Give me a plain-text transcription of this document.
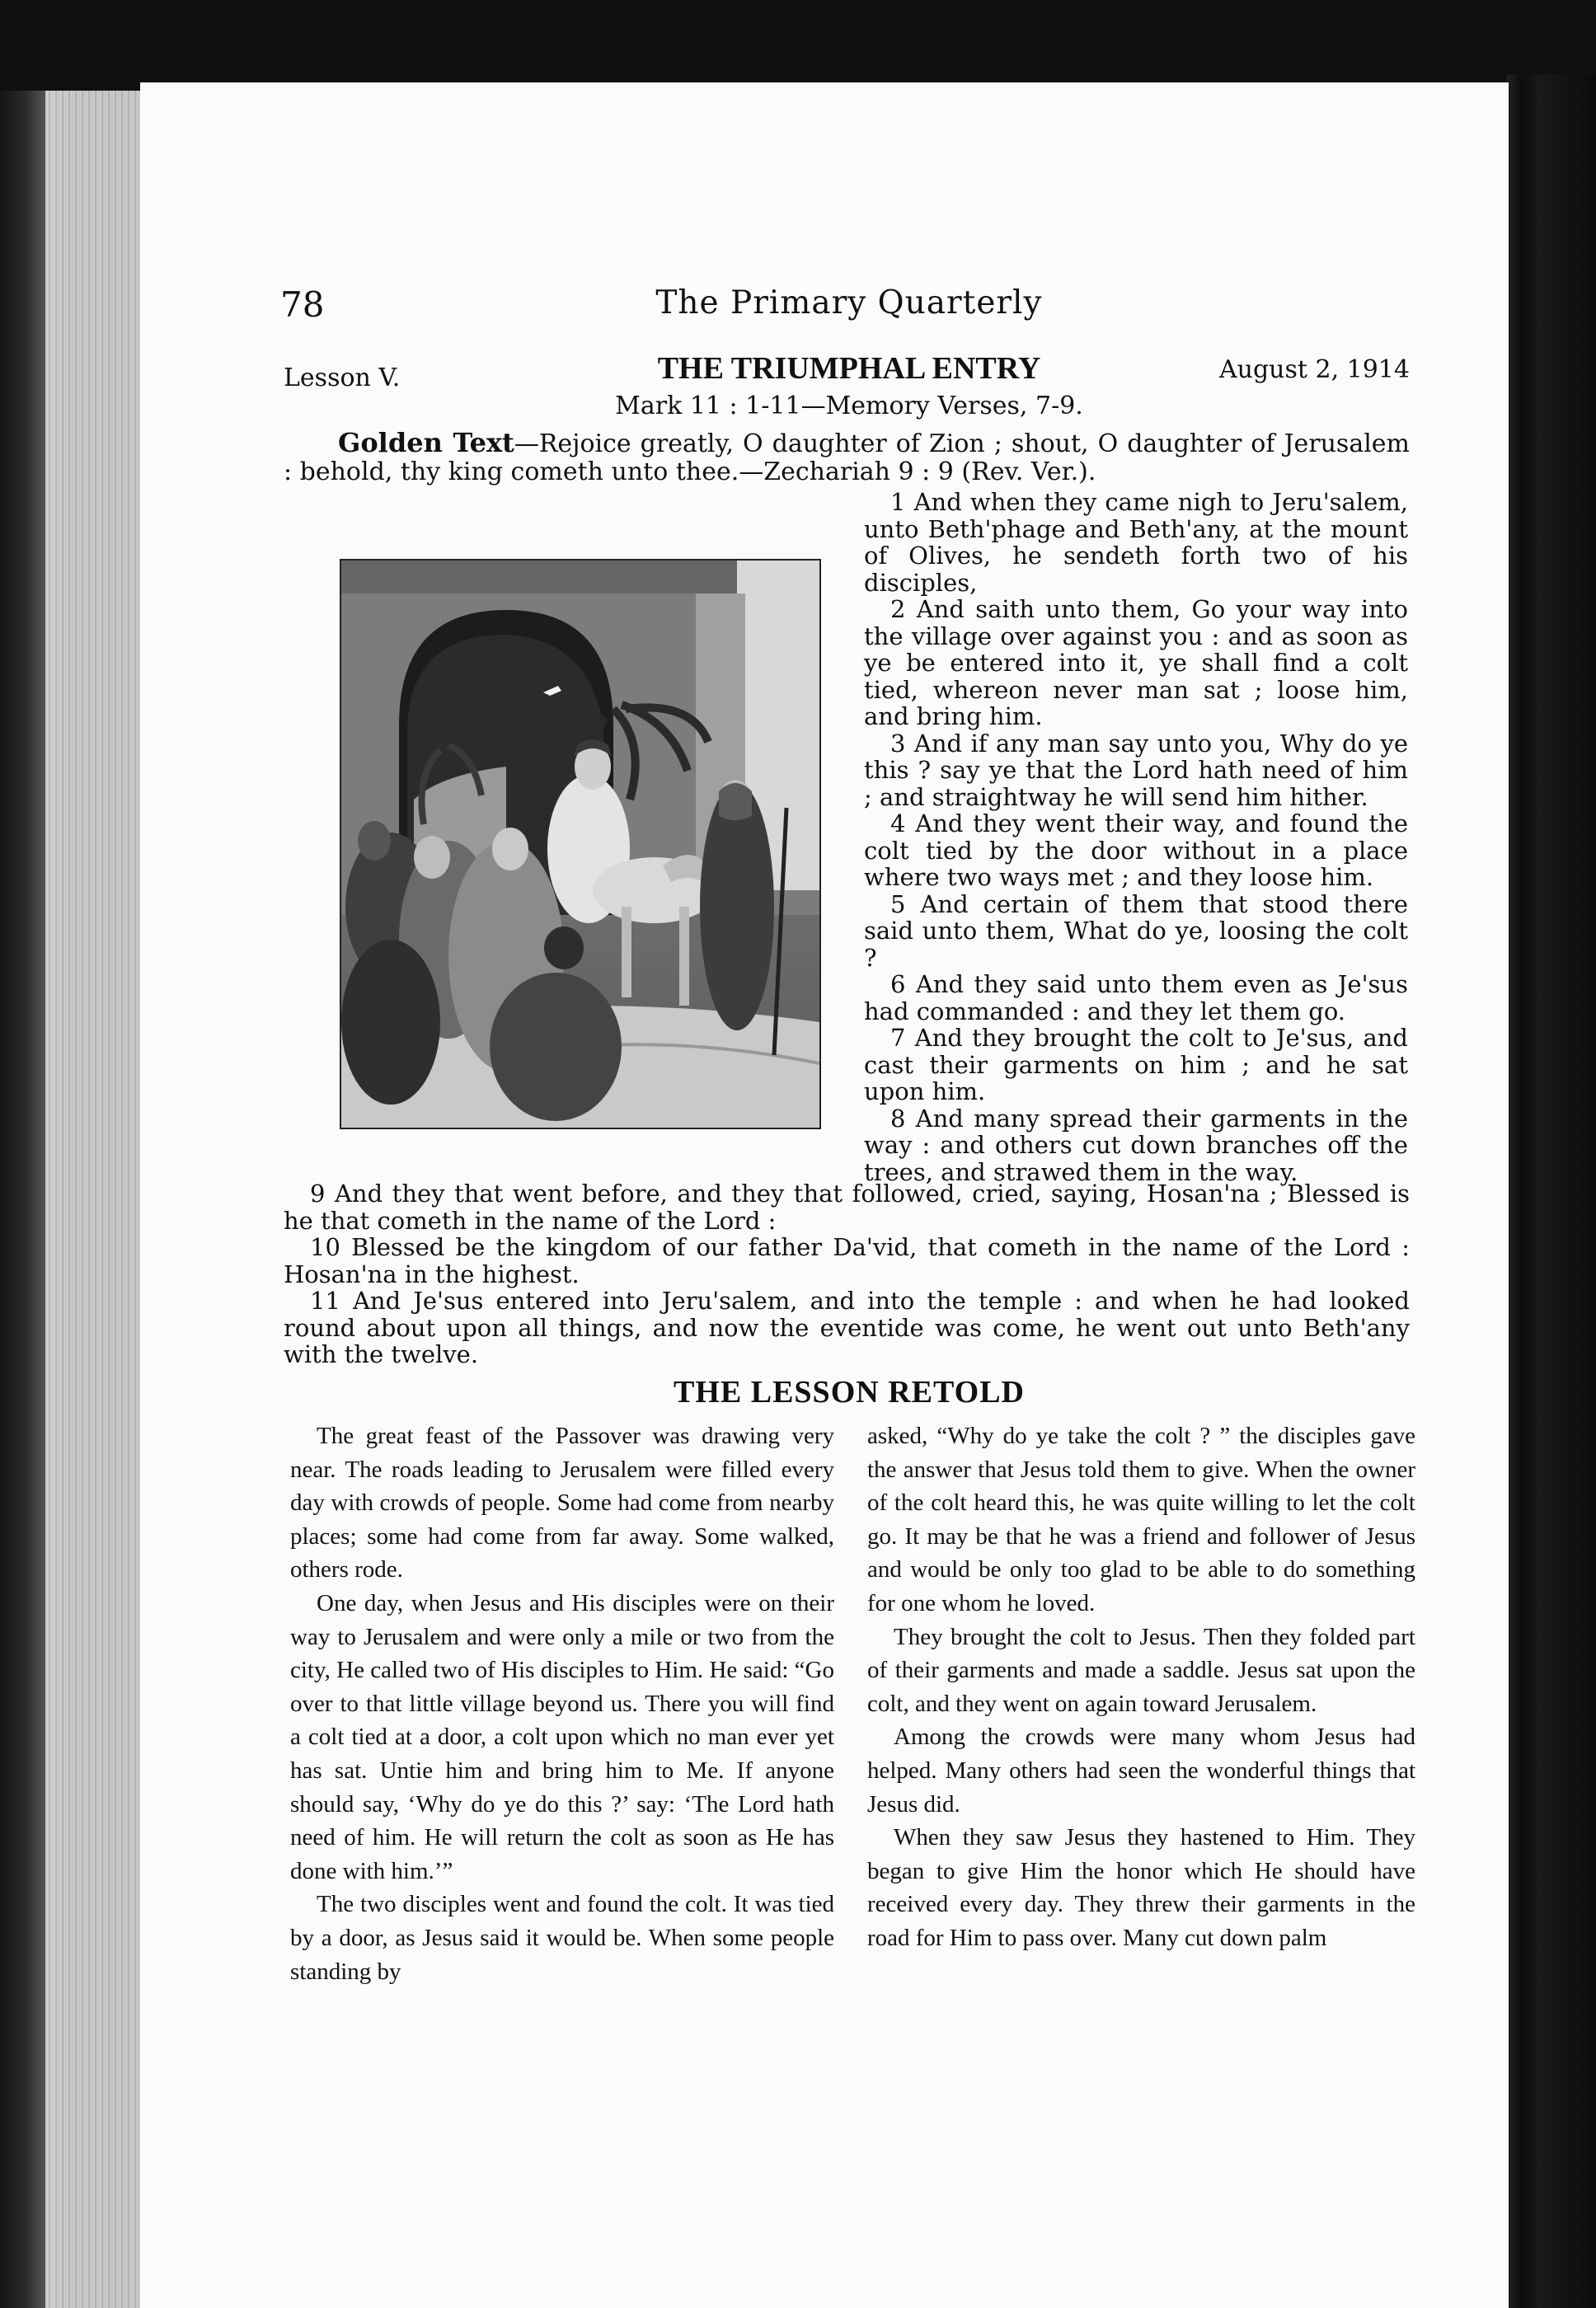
78	The Primary Quarterly
Lesson V.	THE TRIUMPHAL ENTRY	August 2, 1914
Mark 11 : 1-11—Memory Verses, 7-9.

Golden Text—Rejoice greatly, O daughter of Zion ; shout, O daughter of Jerusalem : behold, thy king cometh unto thee.—Zechariah 9 : 9 (Rev. Ver.).

1 And when they came nigh to Jeru'salem, unto Beth'phage and Beth'any, at the mount of Olives, he sendeth forth two of his disciples,

2 And saith unto them, Go your way into the village over against you : and as soon as ye be entered into it, ye shall find a colt tied, whereon never man sat ; loose him, and bring him.

3 And if any man say unto you, Why do ye this ? say ye that the Lord hath need of him ; and straightway he will send him hither.

4 And they went their way, and found the colt tied by the door without in a place where two ways met ; and they loose him.

5 And certain of them that stood there said unto them, What do ye, loosing the colt ?

6 And they said unto them even as Je'sus had commanded : and they let them go.

7 And they brought the colt to Je'sus, and cast their garments on him ; and he sat upon him.

8 And many spread their garments in the way : and others cut down branches off the trees, and strawed them in the way.

9 And they that went before, and they that followed, cried, saying, Hosan'na ; Blessed is he that cometh in the name of the Lord :

10 Blessed be the kingdom of our father Da'vid, that cometh in the name of the Lord : Hosan'na in the highest.

11 And Je'sus entered into Jeru'salem, and into the temple : and when he had looked round about upon all things, and now the eventide was come, he went out unto Beth'any with the twelve.

THE LESSON RETOLD

The great feast of the Passover was drawing very near. The roads leading to Jerusalem were filled every day with crowds of people. Some had come from nearby places; some had come from far away. Some walked, others rode.

One day, when Jesus and His disciples were on their way to Jerusalem and were only a mile or two from the city, He called two of His disciples to Him. He said: “Go over to that little village beyond us. There you will find a colt tied at a door, a colt upon which no man ever yet has sat. Untie him and bring him to Me. If anyone should say, ‘Why do ye do this ?’ say: ‘The Lord hath need of him. He will return the colt as soon as He has done with him.’”

The two disciples went and found the colt. It was tied by a door, as Jesus said it would be. When some people standing by

asked, “Why do ye take the colt ? ” the disciples gave the answer that Jesus told them to give. When the owner of the colt heard this, he was quite willing to let the colt go. It may be that he was a friend and follower of Jesus and would be only too glad to be able to do something for one whom he loved.

They brought the colt to Jesus. Then they folded part of their garments and made a saddle. Jesus sat upon the colt, and they went on again toward Jerusalem.

Among the crowds were many whom Jesus had helped. Many others had seen the wonderful things that Jesus did.

When they saw Jesus they hastened to Him. They began to give Him the honor which He should have received every day. They threw their garments in the road for Him to pass over. Many cut down palm
